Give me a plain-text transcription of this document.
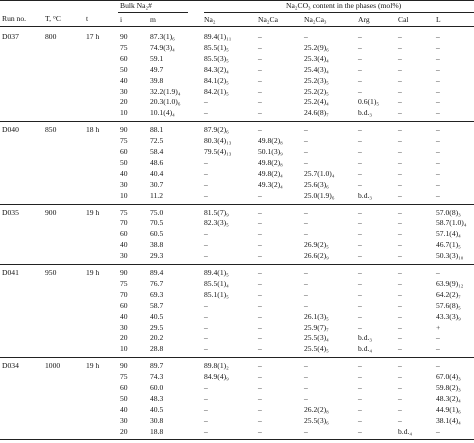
Run no. T, °C	t
Bulk Na₂#	Na₂CO₃ content in the phases (mol%)
i	m	Na₂	Na₂Ca	Na₂Ca₃	Arg	Cal	L
D037	800	17 h	90	87.3(1)₆	89.4(1)₁₁	–	–	–	–	–
75	74.9(3)₄	85.5(1)₅	–	25.2(9)₆	–	–	–
60	59.1	85.5(3)₅	–	25.3(4)₄	–	–	–
50	49.7	84.3(2)₄	–	25.4(3)₄	–	–	–
40	39.8	84.1(2)₅	–	25.2(3)₅	–	–	–
30	32.2(1.9)₄	84.2(1)₅	–	25.2(2)₅	–	–	–
20	20.3(1.0)₆	–	–	25.2(4)₄	0.6(1)₅	–	–
10	10.1(4)₄	–	–	24.6(8)₇	b.d.₃	–	–
D040	850	18 h	90	88.1	87.9(2)₆	–	–	–	–	–
75	72.5	80.3(4)₁₃	49.8(2)₈	–	–	–	–
60	58.4	79.5(4)₁₃	50.1(3)₉	–	–	–	–
50	48.6	–	49.8(2)₈	–	–	–	–
40	40.4	–	49.8(2)₄	25.7(1.0)₄	–	–	–
30	30.7	–	49.3(2)₄	25.6(3)₆	–	–	–
10	11.2	–	–	25.0(1.9)₆	b.d.₃	–	–
D035	900	19 h	75	75.0	81.5(7)₉	–	–	–	–	57.0(8)₃
70	70.5	82.3(3)₅	–	–	–	–	58.7(1.0)₄
60	60.5	–	–	–	–	–	57.1(4)₄
40	38.8	–	–	26.9(2)₅	–	–	46.7(1)₅
30	29.3	–	–	26.6(2)₉	–	–	50.3(3)₁₀
D041	950	19 h	90	89.4	89.4(1)₅	–	–	–	–	–
75	76.7	85.5(1)₄	–	–	–	–	63.9(9)₁₂
70	69.3	85.1(1)₅	–	–	–	–	64.2(2)₇
60	58.7	–	–	–	–	–	57.6(8)₅
40	40.5	–	–	26.1(3)₅	–	–	43.3(3)₉
30	29.5	–	–	25.9(7)₇	–	–	+
20	20.2	–	–	25.5(3)₄	b.d.₃	–	–
10	28.8	–	–	25.5(4)₅	b.d.₄	–	–
D034	1000	19 h	90	89.7	89.8(1)₂	–	–	–	–	–
75	74.3	84.9(4)₉	–	–	–	–	67.0(4)₃
60	60.0	–	–	–	–	–	59.8(2)₃
50	48.3	–	–	–	–	–	48.3(2)₄
40	40.5	–	–	26.2(2)₈	–	–	44.9(1)₆
30	30.8	–	–	25.5(3)₆	–	–	38.1(4)₄
20	18.8	–	–	–	–	b.d.₄	–
